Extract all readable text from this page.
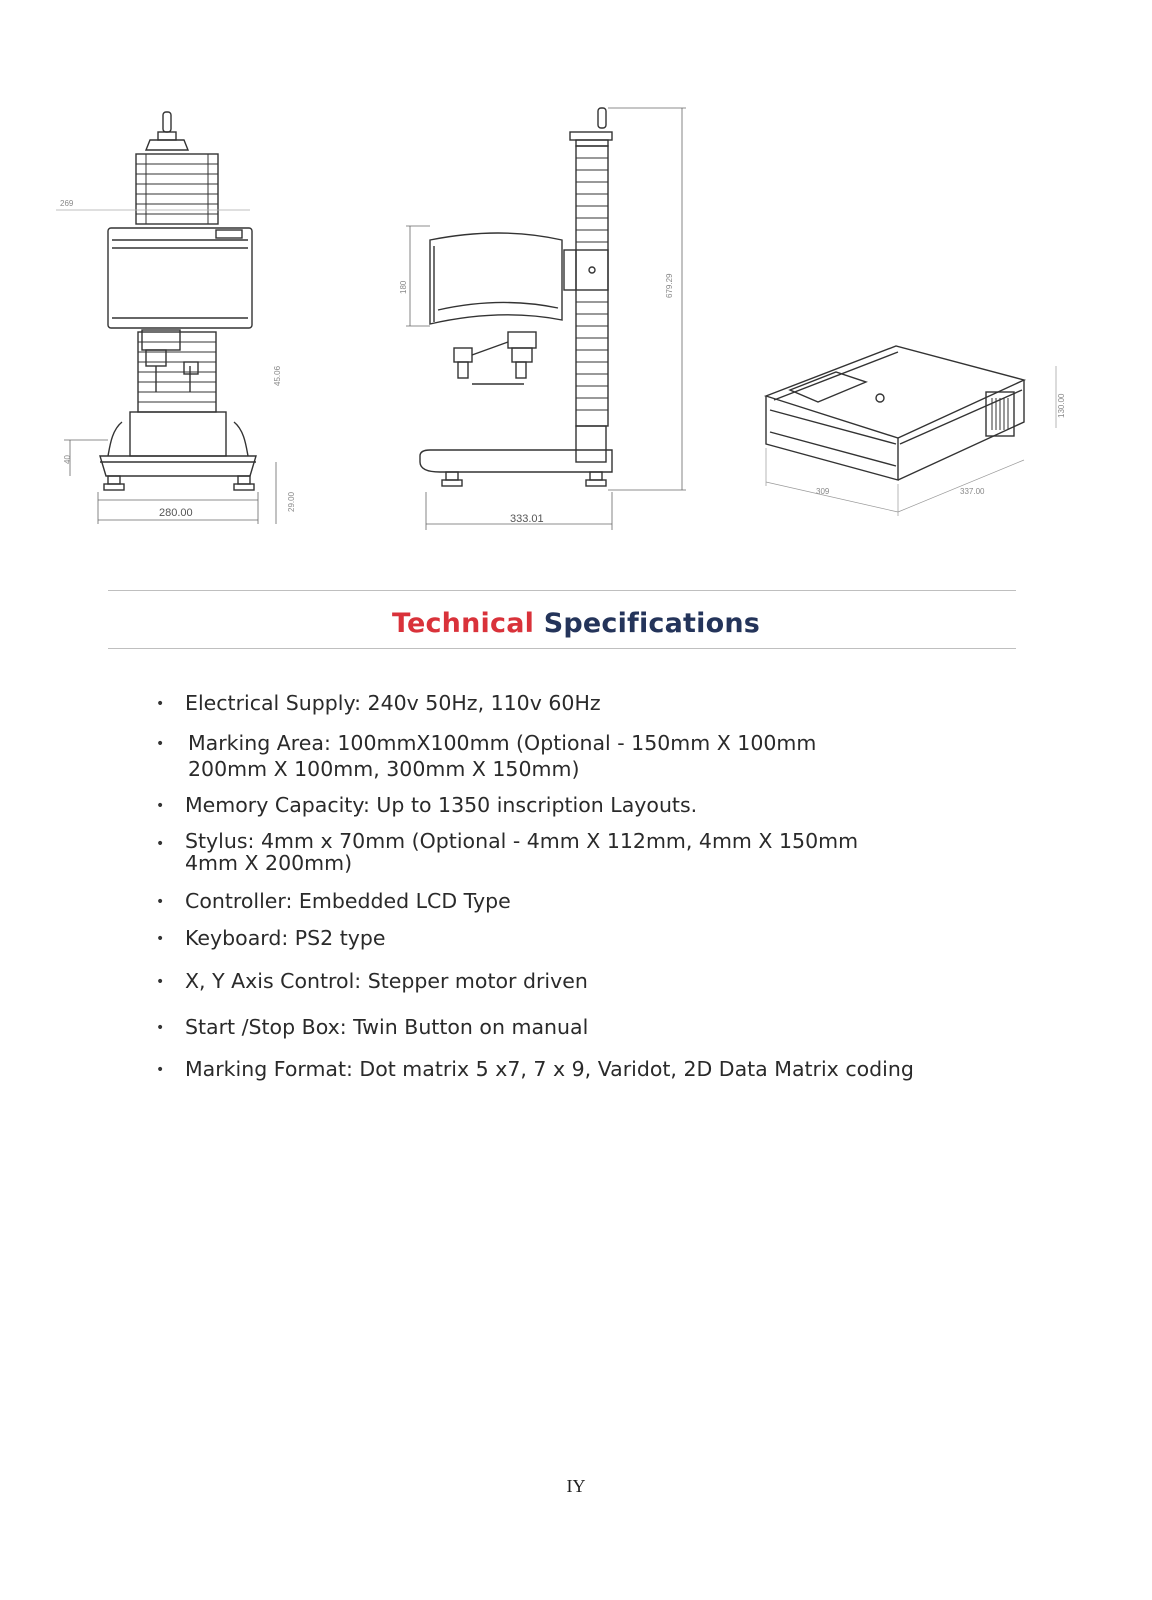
280.00
269
40
29.00
45.06
333.01
679.29
180
309	337.00
130.00
Technical Specifications
• Electrical Supply: 240v 50Hz, 110v 60Hz
• Marking Area: 100mmX100mm (Optional - 150mm X 100mm
200mm X 100mm, 300mm X 150mm)
• Memory Capacity: Up to 1350 inscription Layouts.
• Stylus: 4mm x 70mm (Optional - 4mm X 112mm, 4mm X 150mm
4mm X 200mm)
• Controller: Embedded LCD Type
• Keyboard: PS2 type
• X, Y Axis Control: Stepper motor driven
• Start /Stop Box: Twin Button on manual
• Marking Format: Dot matrix 5 x7, 7 x 9, Varidot, 2D Data Matrix coding
IY
